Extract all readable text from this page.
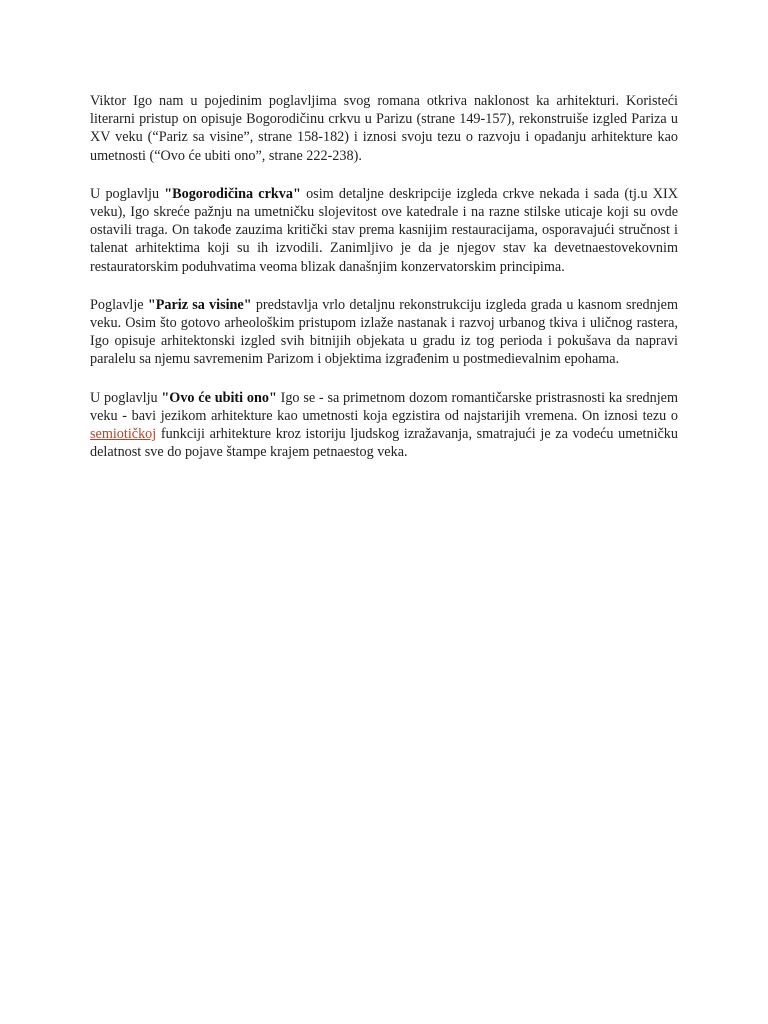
Viktor Igo nam u pojedinim poglavljima svog romana otkriva naklonost ka arhitekturi. Koristeći literarni pristup on opisuje Bogorodičinu crkvu u Parizu (strane 149-157), rekonstruiše izgled Pariza u XV veku (“Pariz sa visine”, strane 158-182) i iznosi svoju tezu o razvoju i opadanju arhitekture kao umetnosti (“Ovo će ubiti ono”, strane 222-238).

U poglavlju "Bogorodičina crkva" osim detaljne deskripcije izgleda crkve nekada i sada (tj.u XIX veku), Igo skreće pažnju na umetničku slojevitost ove katedrale i na razne stilske uticaje koji su ovde ostavili traga. On takođe zauzima kritički stav prema kasnijim restauracijama, osporavajući stručnost i talenat arhitektima koji su ih izvodili. Zanimljivo je da je njegov stav ka devetnaestovekovnim restauratorskim poduhvatima veoma blizak današnjim konzervatorskim principima.

Poglavlje "Pariz sa visine" predstavlja vrlo detaljnu rekonstrukciju izgleda grada u kasnom srednjem veku. Osim što gotovo arheološkim pristupom izlaže nastanak i razvoj urbanog tkiva i uličnog rastera, Igo opisuje arhitektonski izgled svih bitnijih objekata u gradu iz tog perioda i pokušava da napravi paralelu sa njemu savremenim Parizom i objektima izgrađenim u postmedievalnim epohama.

U poglavlju "Ovo će ubiti ono" Igo se - sa primetnom dozom romantičarske pristrasnosti ka srednjem veku - bavi jezikom arhitekture kao umetnosti koja egzistira od najstarijih vremena. On iznosi tezu o semiotičkoj funkciji arhitekture kroz istoriju ljudskog izražavanja, smatrajući je za vodeću umetničku delatnost sve do pojave štampe krajem petnaestog veka.
